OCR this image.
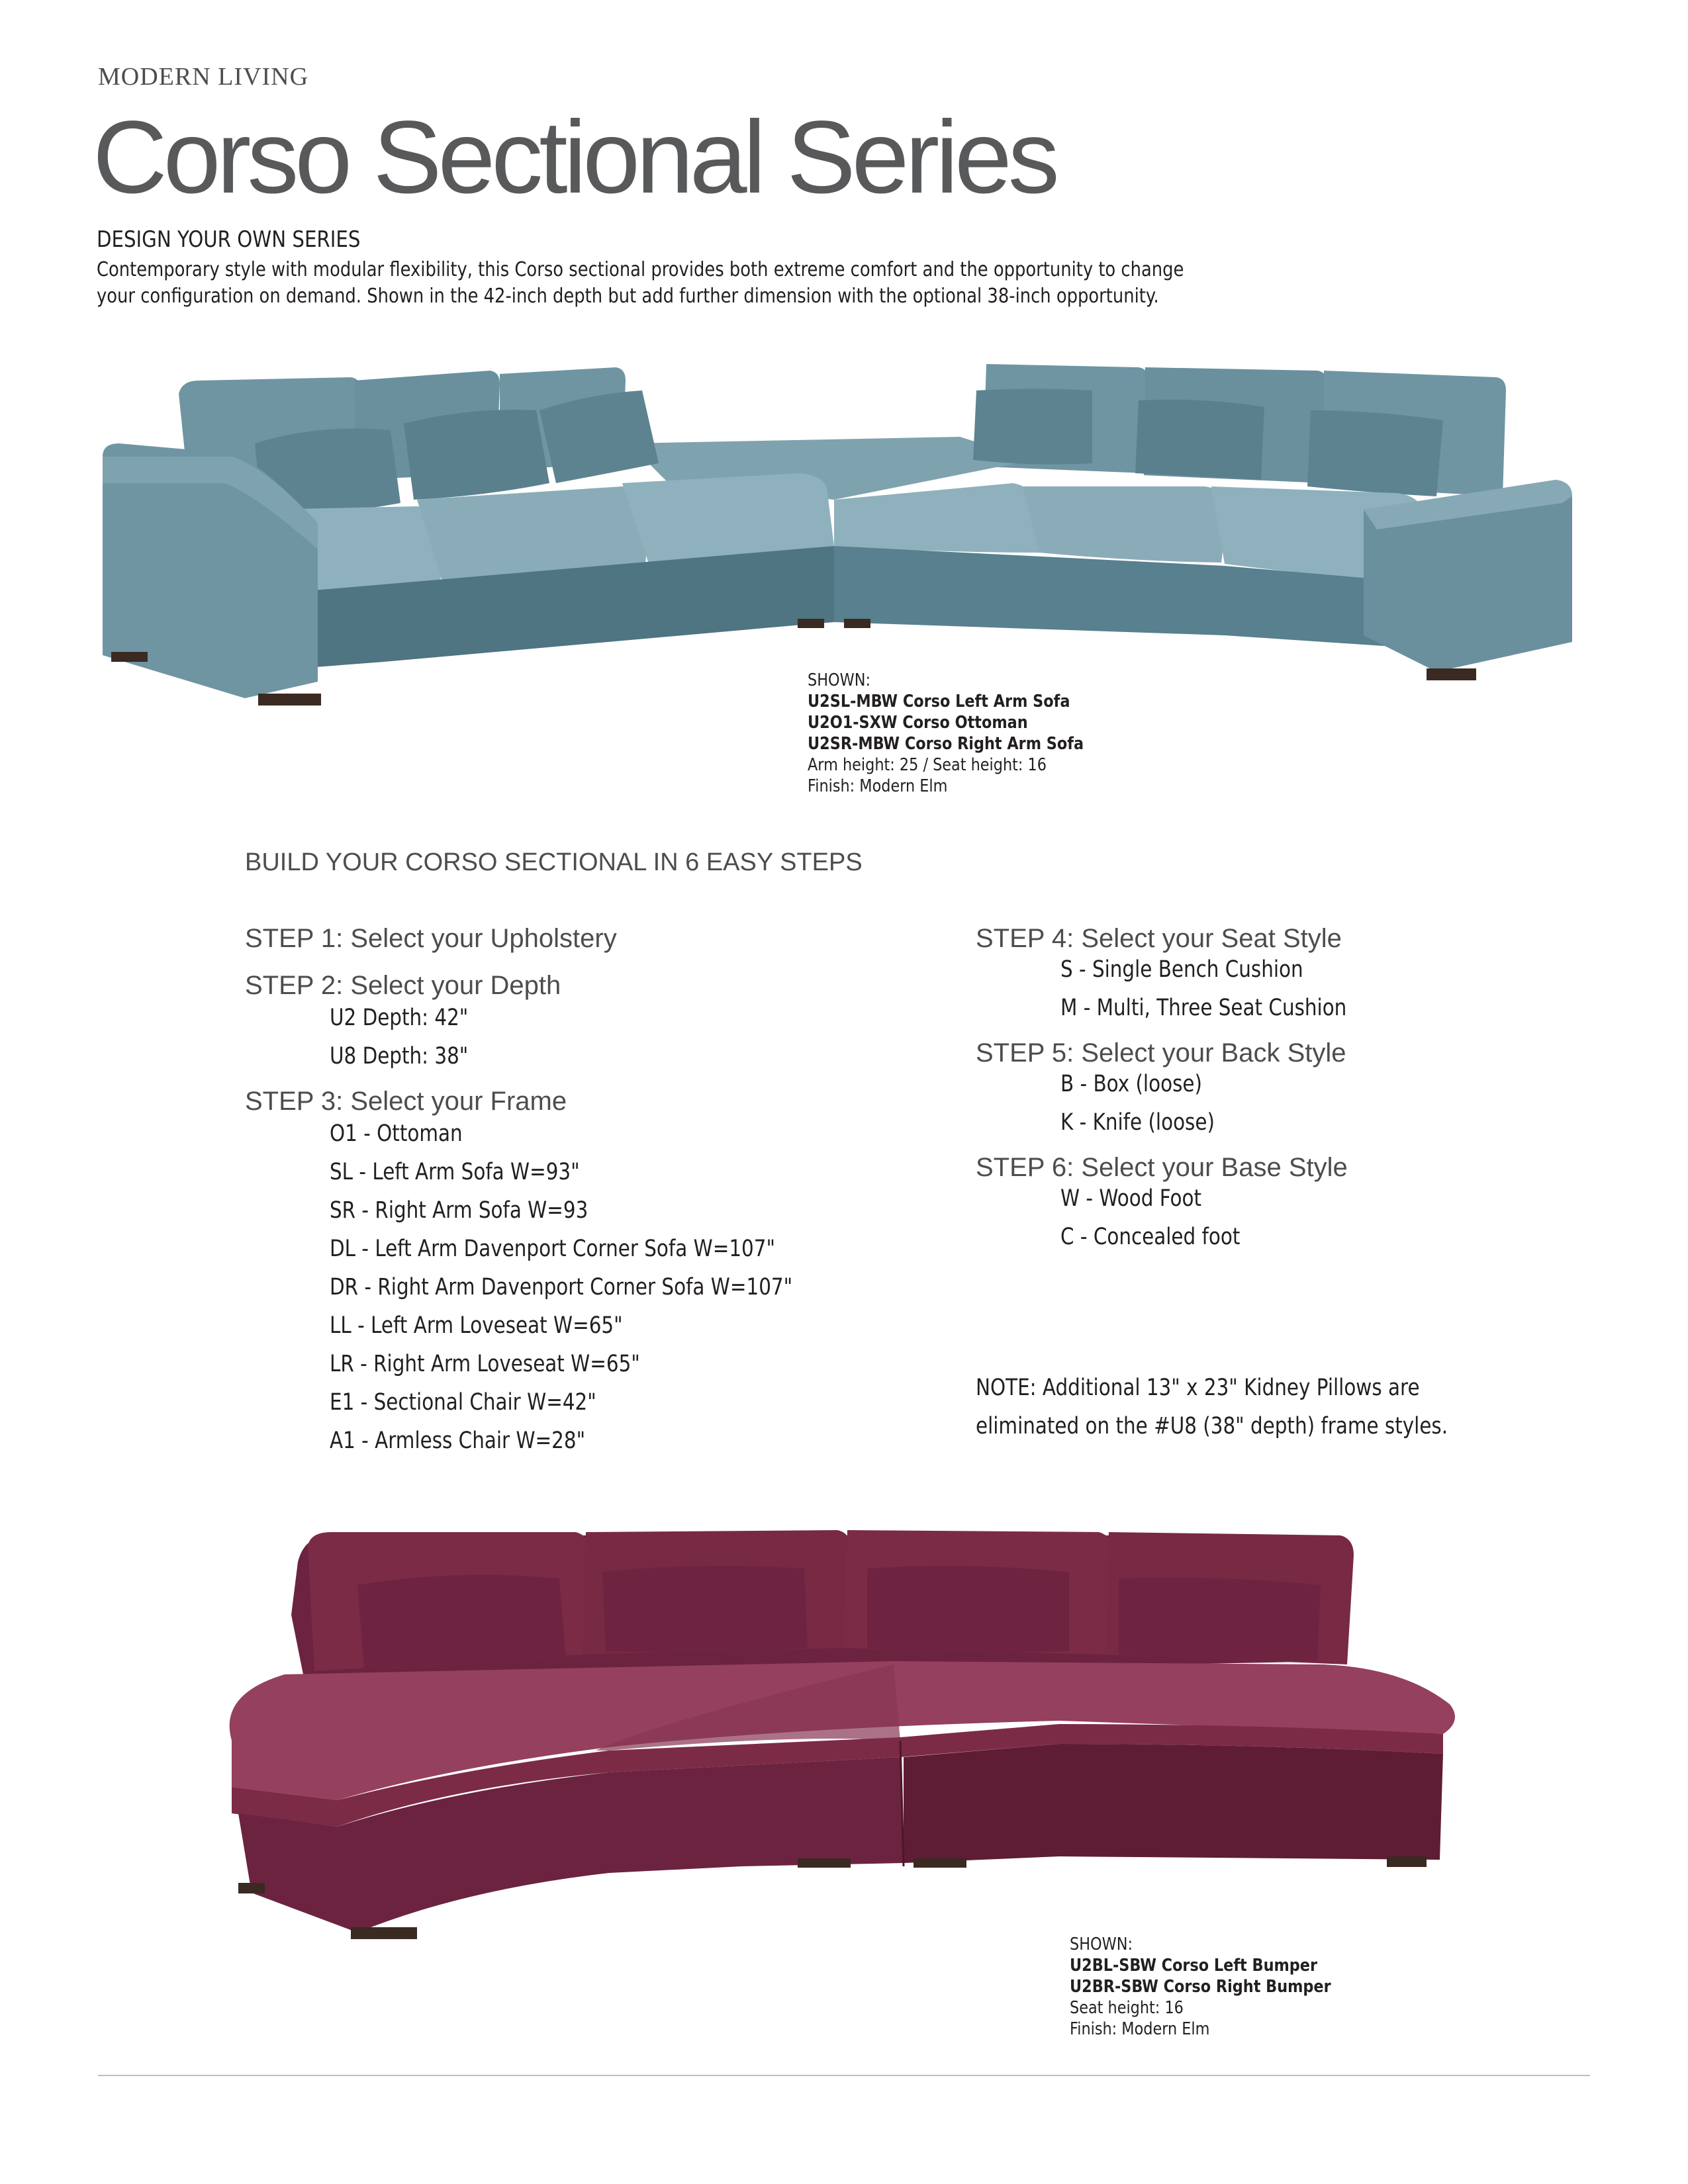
MODERN LIVING
Corso Sectional Series
DESIGN YOUR OWN SERIES

Contemporary style with modular flexibility, this Corso sectional provides both extreme comfort and the opportunity to change

your configuration on demand. Shown in the 42-inch depth but add further dimension with the optional 38-inch opportunity.

SHOWN:
U2SL-MBW Corso Left Arm Sofa
U2O1-SXW Corso Ottoman
U2SR-MBW Corso Right Arm Sofa
Arm height: 25 / Seat height: 16
Finish: Modern Elm
BUILD YOUR CORSO SECTIONAL IN 6 EASY STEPS
STEP 1: Select your Upholstery
STEP 2: Select your Depth
U2 Depth: 42"
U8 Depth: 38"
STEP 3: Select your Frame
O1 - Ottoman
SL - Left Arm Sofa W=93"
SR - Right Arm Sofa W=93
DL - Left Arm Davenport Corner Sofa W=107"
DR - Right Arm Davenport Corner Sofa W=107"
LL - Left Arm Loveseat W=65"
LR - Right Arm Loveseat W=65"
E1 - Sectional Chair W=42"
A1 - Armless Chair W=28"
STEP 4: Select your Seat Style
S - Single Bench Cushion
M - Multi, Three Seat Cushion
STEP 5: Select your Back Style
B - Box (loose)
K - Knife (loose)
STEP 6: Select your Base Style
W - Wood Foot
C - Concealed foot
NOTE: Additional 13" x 23" Kidney Pillows are
eliminated on the #U8 (38" depth) frame styles.
SHOWN:
U2BL-SBW Corso Left Bumper
U2BR-SBW Corso Right Bumper
Seat height: 16
Finish: Modern Elm
